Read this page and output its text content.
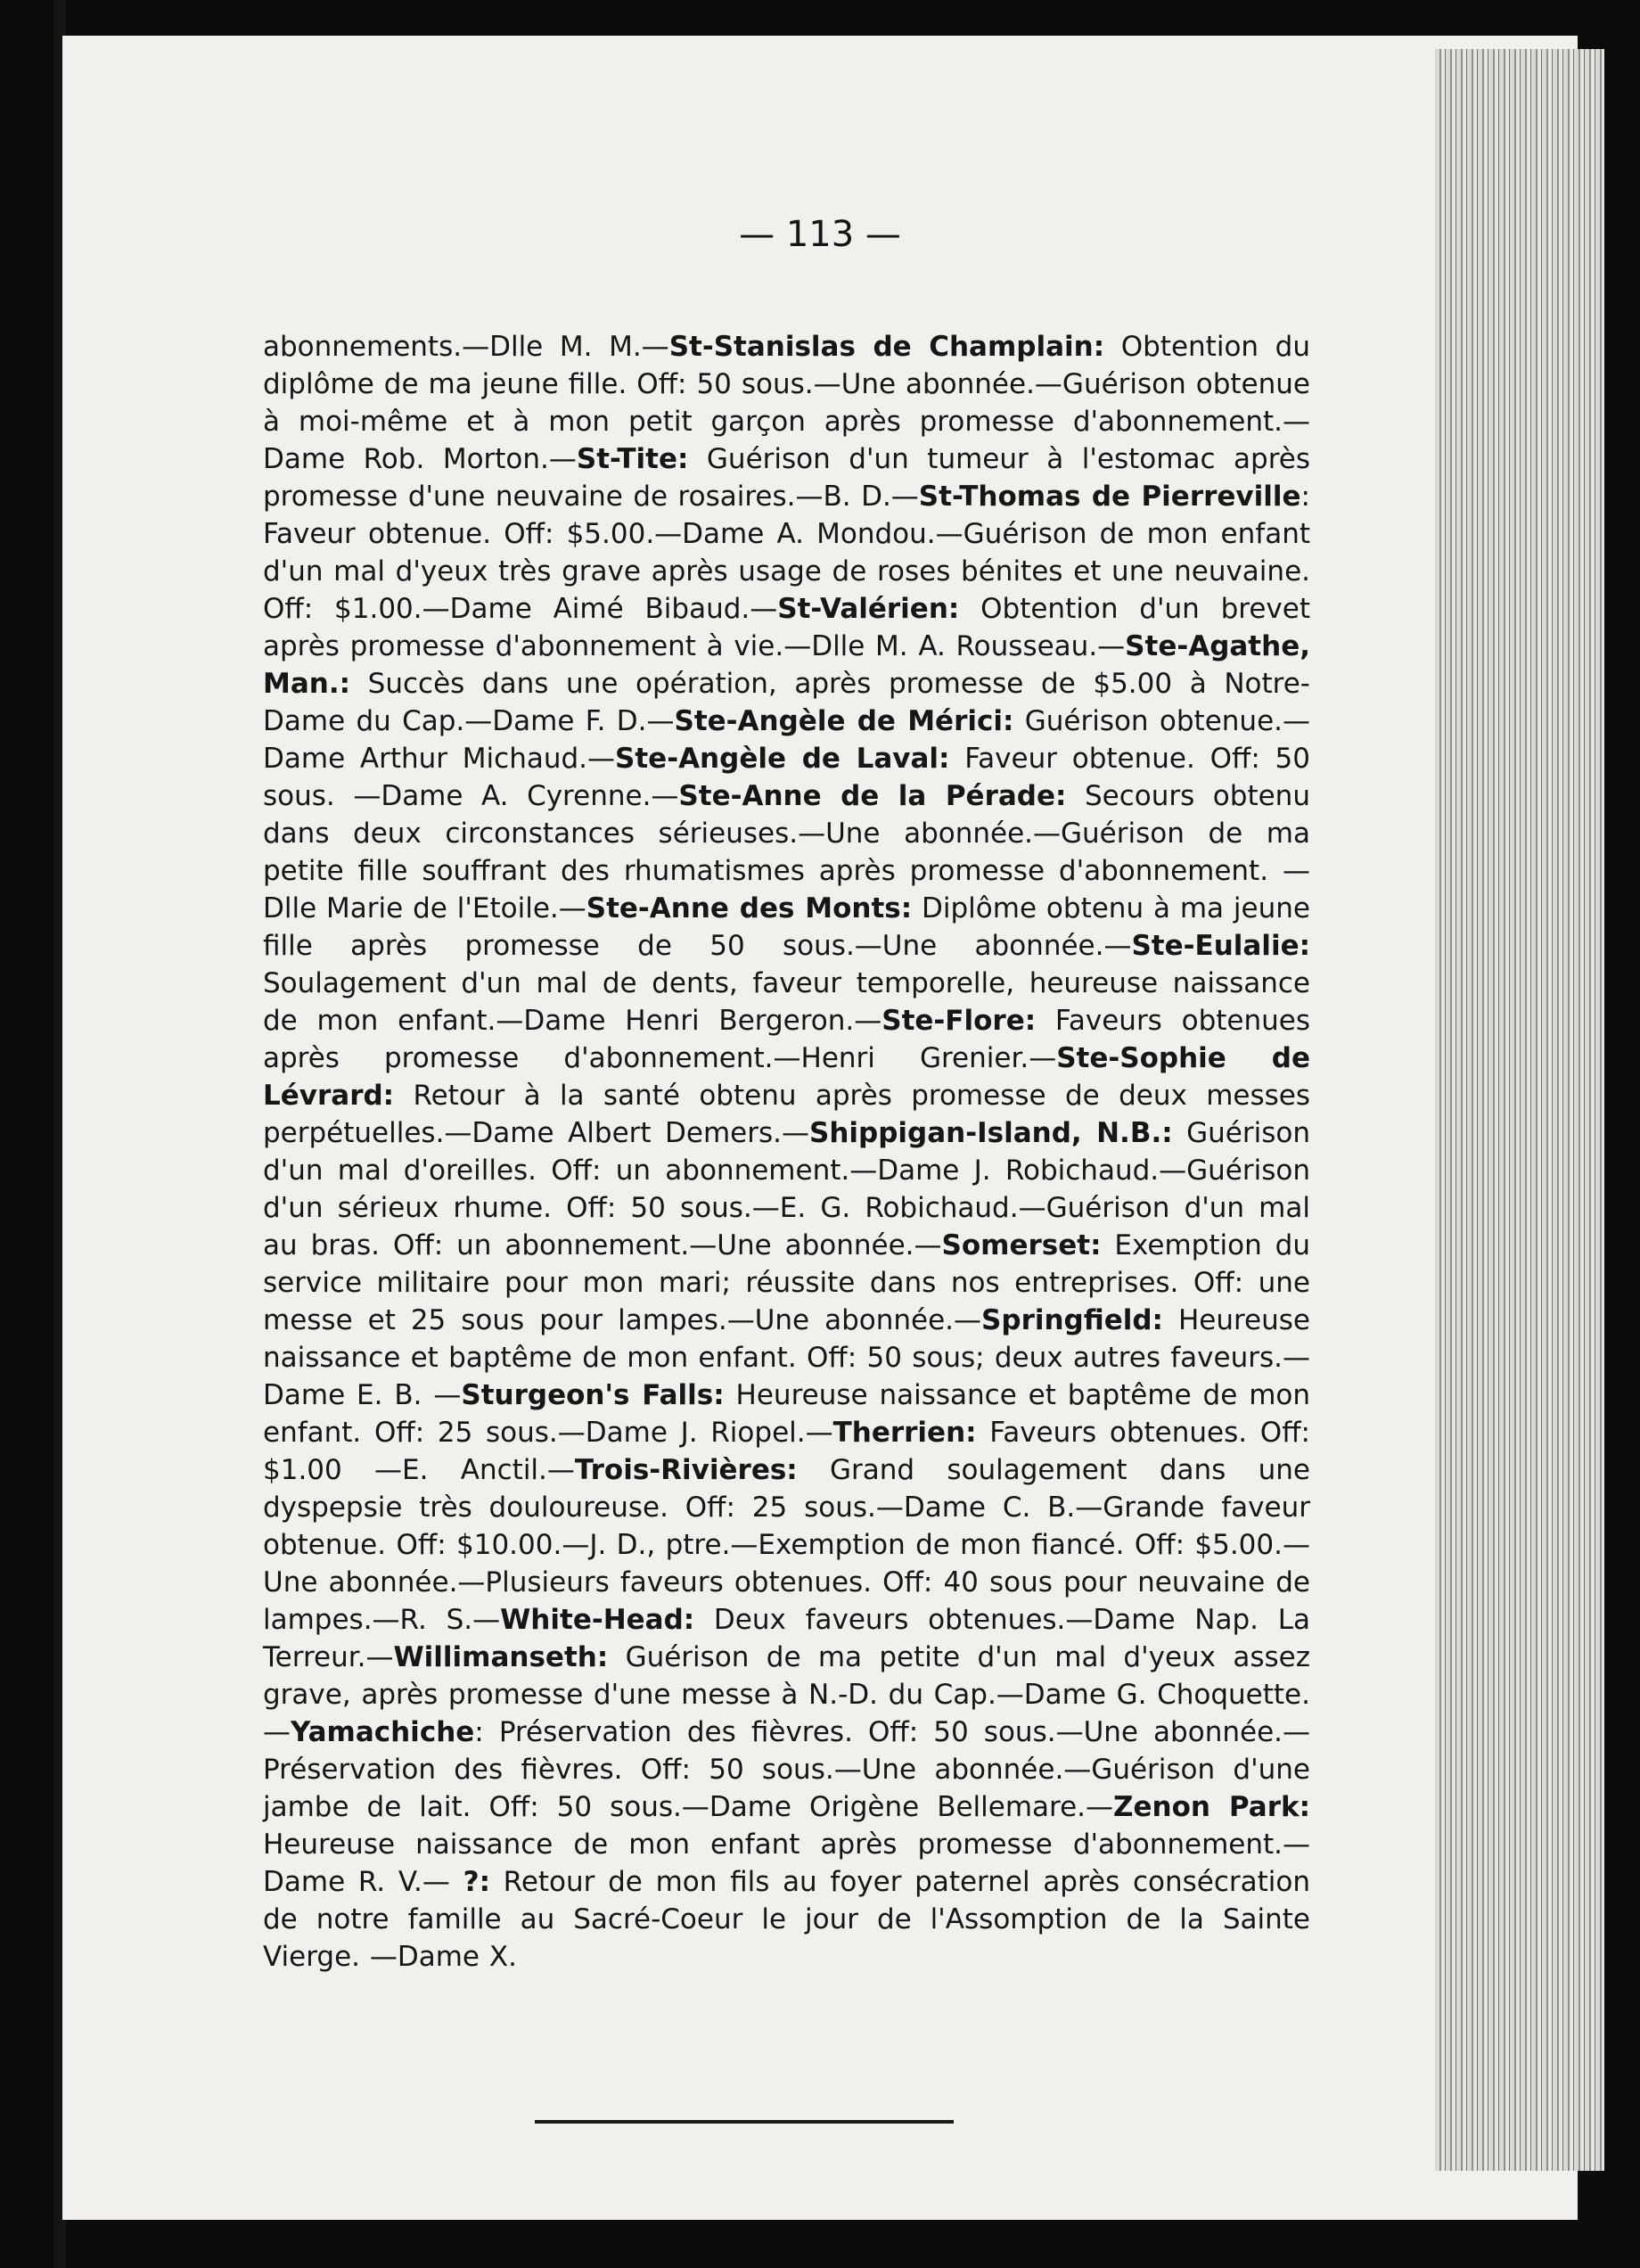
— 113 —

abonnements.—Dlle M. M.—St-Stanislas de Champlain: Obtention du diplôme de ma jeune fille. Off: 50 sous.—Une abonnée.—Guérison obtenue à moi-même et à mon petit garçon après promesse d'abonnement.—Dame Rob. Morton.—St-Tite: Guérison d'un tumeur à l'estomac après promesse d'une neuvaine de rosaires.—B. D.—St-Thomas de Pierreville: Faveur obtenue. Off: $5.00.—Dame A. Mondou.—Guérison de mon enfant d'un mal d'yeux très grave après usage de roses bénites et une neuvaine. Off: $1.00.—Dame Aimé Bibaud.—St-Valérien: Obtention d'un brevet après promesse d'abonnement à vie.—Dlle M. A. Rousseau.—Ste-Agathe, Man.: Succès dans une opération, après promesse de $5.00 à Notre-Dame du Cap.—Dame F. D.—Ste-Angèle de Mérici: Guérison obtenue.—Dame Arthur Michaud.—Ste-Angèle de Laval: Faveur obtenue. Off: 50 sous. —Dame A. Cyrenne.—Ste-Anne de la Pérade: Secours obtenu dans deux circonstances sérieuses.—Une abonnée.—Guérison de ma petite fille souffrant des rhumatismes après promesse d'abonnement. —Dlle Marie de l'Etoile.—Ste-Anne des Monts: Diplôme obtenu à ma jeune fille après promesse de 50 sous.—Une abonnée.—Ste-Eulalie: Soulagement d'un mal de dents, faveur temporelle, heureuse naissance de mon enfant.—Dame Henri Bergeron.—Ste-Flore: Faveurs obtenues après promesse d'abonnement.—Henri Grenier.—Ste-Sophie de Lévrard: Retour à la santé obtenu après promesse de deux messes perpétuelles.—Dame Albert Demers.—Shippigan-Island, N.B.: Guérison d'un mal d'oreilles. Off: un abonnement.—Dame J. Robichaud.—Guérison d'un sérieux rhume. Off: 50 sous.—E. G. Robichaud.—Guérison d'un mal au bras. Off: un abonnement.—Une abonnée.—Somerset: Exemption du service militaire pour mon mari; réussite dans nos entreprises. Off: une messe et 25 sous pour lampes.—Une abonnée.—Springfield: Heureuse naissance et baptême de mon enfant. Off: 50 sous; deux autres faveurs.—Dame E. B. —Sturgeon's Falls: Heureuse naissance et baptême de mon enfant. Off: 25 sous.—Dame J. Riopel.—Therrien: Faveurs obtenues. Off: $1.00 —E. Anctil.—Trois-Rivières: Grand soulagement dans une dyspepsie très douloureuse. Off: 25 sous.—Dame C. B.—Grande faveur obtenue. Off: $10.00.—J. D., ptre.—Exemption de mon fiancé. Off: $5.00.—Une abonnée.—Plusieurs faveurs obtenues. Off: 40 sous pour neuvaine de lampes.—R. S.—White-Head: Deux faveurs obtenues.—Dame Nap. La Terreur.—Willimanseth: Guérison de ma petite d'un mal d'yeux assez grave, après promesse d'une messe à N.-D. du Cap.—Dame G. Choquette.—Yamachiche: Préservation des fièvres. Off: 50 sous.—Une abonnée.—Préservation des fièvres. Off: 50 sous.—Une abonnée.—Guérison d'une jambe de lait. Off: 50 sous.—Dame Origène Bellemare.—Zenon Park: Heureuse naissance de mon enfant après promesse d'abonnement.—Dame R. V.— ?: Retour de mon fils au foyer paternel après consécration de notre famille au Sacré-Coeur le jour de l'Assomption de la Sainte Vierge. —Dame X.
